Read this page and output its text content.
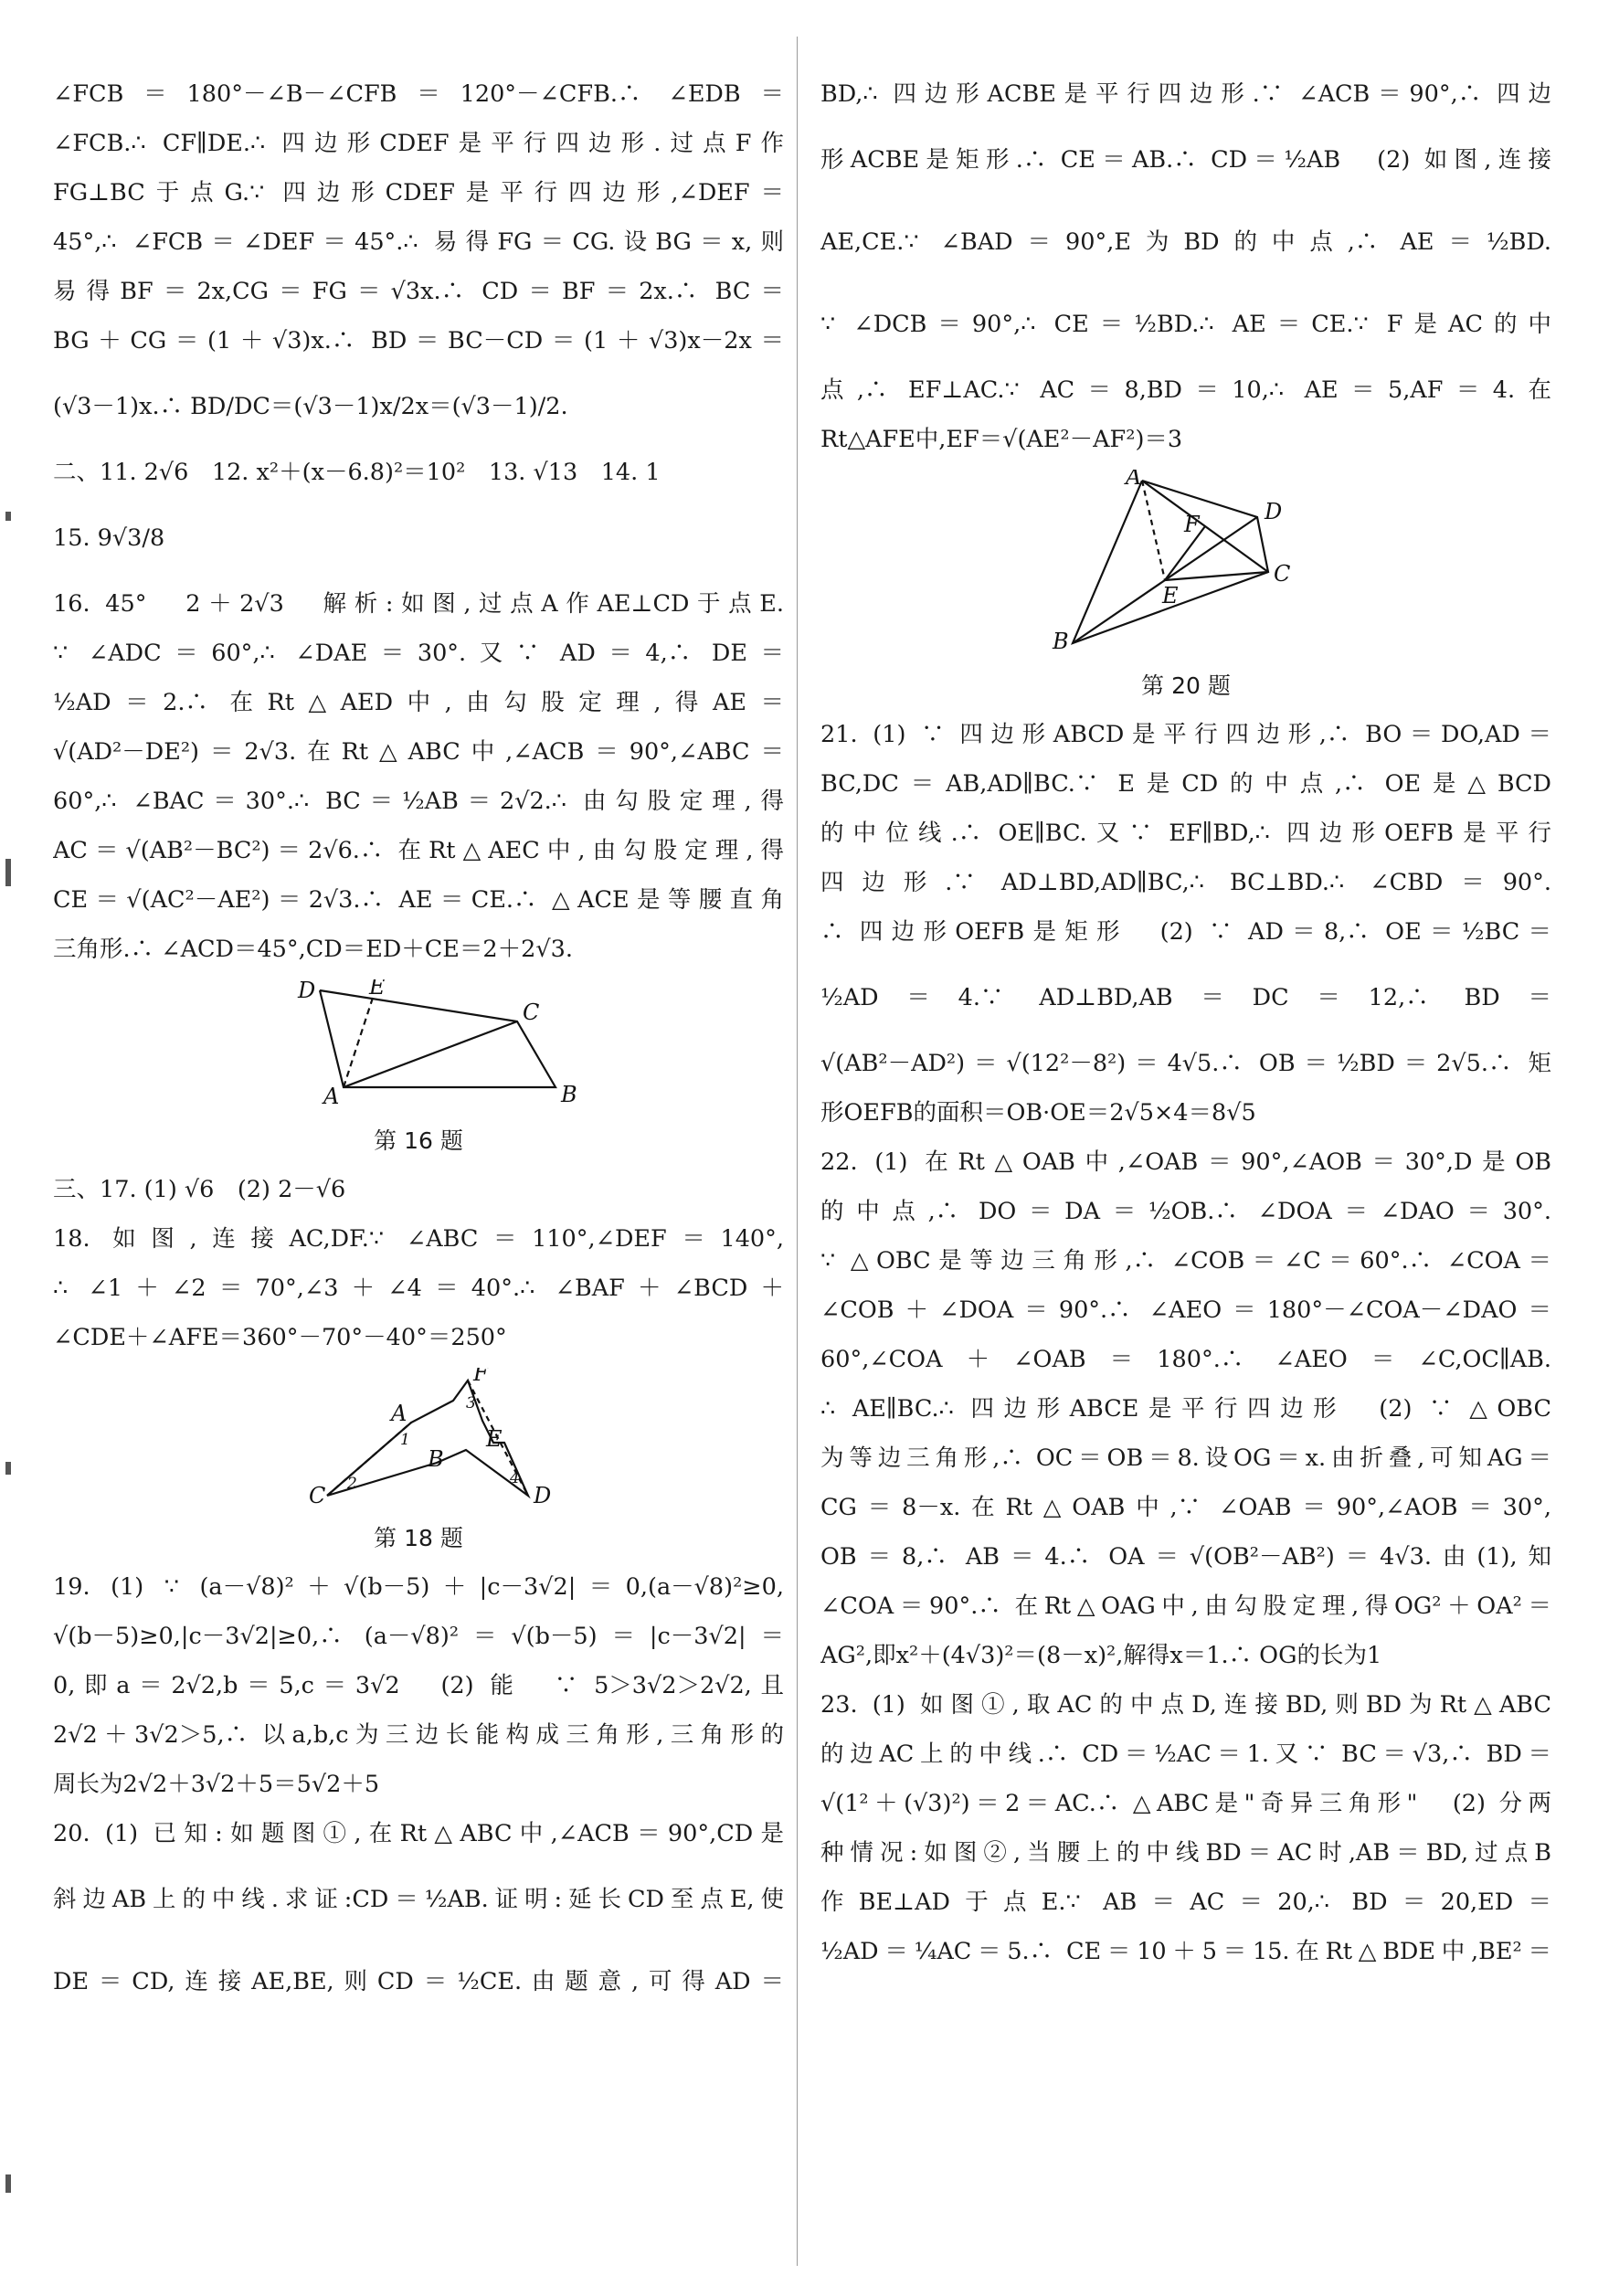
∠FCB＝180°－∠B－∠CFB＝120°－∠CFB.∴ ∠EDB＝
∠FCB.∴ CF∥DE.∴ 四边形CDEF是平行四边形.过点F作
FG⊥BC于点G.∵ 四边形CDEF是平行四边形,∠DEF＝
45°,∴ ∠FCB＝∠DEF＝45°.∴ 易得FG＝CG.设BG＝x,则
易得BF＝2x,CG＝FG＝√3x.∴ CD＝BF＝2x.∴ BC＝
BG＋CG＝(1＋√3)x.∴ BD＝BC－CD＝(1＋√3)x－2x＝
(√3－1)x.∴ BD/DC＝(√3－1)x/2x＝(√3－1)/2.
二、11. 2√6　12. x²＋(x－6.8)²＝10²　13. √13　14. 1
15. 9√3/8
16. 45°　2＋2√3　解析:如图,过点A作AE⊥CD于点E.
∵ ∠ADC＝60°,∴ ∠DAE＝30°.又∵ AD＝4,∴ DE＝
½AD＝2.∴ 在Rt△AED中,由勾股定理,得AE＝
√(AD²－DE²)＝2√3.在Rt△ABC中,∠ACB＝90°,∠ABC＝
60°,∴ ∠BAC＝30°.∴ BC＝½AB＝2√2.∴ 由勾股定理,得
AC＝√(AB²－BC²)＝2√6.∴ 在Rt△AEC中,由勾股定理,得
CE＝√(AC²－AE²)＝2√3.∴ AE＝CE.∴ △ACE是等腰直角
三角形.∴ ∠ACD＝45°,CD＝ED＋CE＝2＋2√3.
D E
C
A	B
第 16 题
三、17. (1) √6　(2) 2－√6
18. 如图,连接AC,DF.∵ ∠ABC＝110°,∠DEF＝140°,
∴ ∠1＋∠2＝70°,∠3＋∠4＝40°.∴ ∠BAF＋∠BCD＋
∠CDE＋∠AFE＝360°－70°－40°＝250°
A
F
B
E
C	D
1
2
3
4
第 18 题
19. (1) ∵ (a－√8)²＋√(b－5)＋|c－3√2|＝0,(a－√8)²≥0,
√(b－5)≥0,|c－3√2|≥0,∴ (a－√8)²＝√(b－5)＝|c－3√2|＝
0,即a＝2√2,b＝5,c＝3√2　(2) 能　∵ 5＞3√2＞2√2,且
2√2＋3√2＞5,∴ 以a,b,c为三边长能构成三角形,三角形的
周长为2√2＋3√2＋5＝5√2＋5
20. (1) 已知:如题图①,在Rt△ABC中,∠ACB＝90°,CD是
斜边AB上的中线.求证:CD＝½AB.证明:延长CD至点E,使
DE＝CD,连接AE,BE,则CD＝½CE.由题意,可得AD＝
BD,∴ 四边形ACBE是平行四边形.∵ ∠ACB＝90°,∴ 四边
形ACBE是矩形.∴ CE＝AB.∴ CD＝½AB　(2) 如图,连接
AE,CE.∵ ∠BAD＝90°,E为BD的中点,∴ AE＝½BD.
∵ ∠DCB＝90°,∴ CE＝½BD.∴ AE＝CE.∵ F是AC的中
点,∴ EF⊥AC.∵ AC＝8,BD＝10,∴ AE＝5,AF＝4.在
Rt△AFE中,EF＝√(AE²－AF²)＝3
A
D
F
E
C
B
第 20 题
21. (1) ∵ 四边形ABCD是平行四边形,∴ BO＝DO,AD＝
BC,DC＝AB,AD∥BC.∵ E是CD的中点,∴ OE是△BCD
的中位线.∴ OE∥BC.又∵ EF∥BD,∴ 四边形OEFB是平行
四边形.∵ AD⊥BD,AD∥BC,∴ BC⊥BD.∴ ∠CBD＝90°.
∴ 四边形OEFB是矩形　(2) ∵ AD＝8,∴ OE＝½BC＝
½AD＝4.∵ AD⊥BD,AB＝DC＝12,∴ BD＝
√(AB²－AD²)＝√(12²－8²)＝4√5.∴ OB＝½BD＝2√5.∴ 矩
形OEFB的面积＝OB·OE＝2√5×4＝8√5
22. (1) 在Rt△OAB中,∠OAB＝90°,∠AOB＝30°,D是OB
的中点,∴ DO＝DA＝½OB.∴ ∠DOA＝∠DAO＝30°.
∵ △OBC是等边三角形,∴ ∠COB＝∠C＝60°.∴ ∠COA＝
∠COB＋∠DOA＝90°.∴ ∠AEO＝180°－∠COA－∠DAO＝
60°,∠COA＋∠OAB＝180°.∴ ∠AEO＝∠C,OC∥AB.
∴ AE∥BC.∴ 四边形ABCE是平行四边形　(2) ∵ △OBC
为等边三角形,∴ OC＝OB＝8.设OG＝x.由折叠,可知AG＝
CG＝8－x.在Rt△OAB中,∵ ∠OAB＝90°,∠AOB＝30°,
OB＝8,∴ AB＝4.∴ OA＝√(OB²－AB²)＝4√3.由(1),知
∠COA＝90°.∴ 在Rt△OAG中,由勾股定理,得OG²＋OA²＝
AG²,即x²＋(4√3)²＝(8－x)²,解得x＝1.∴ OG的长为1
23. (1) 如图①,取AC的中点D,连接BD,则BD为Rt△ABC
的边AC上的中线.∴ CD＝½AC＝1.又∵ BC＝√3,∴ BD＝
√(1²＋(√3)²)＝2＝AC.∴ △ABC是"奇异三角形"　(2) 分两
种情况:如图②,当腰上的中线BD＝AC时,AB＝BD,过点B
作BE⊥AD于点E.∵ AB＝AC＝20,∴ BD＝20,ED＝
½AD＝¼AC＝5.∴ CE＝10＋5＝15.在Rt△BDE中,BE²＝
